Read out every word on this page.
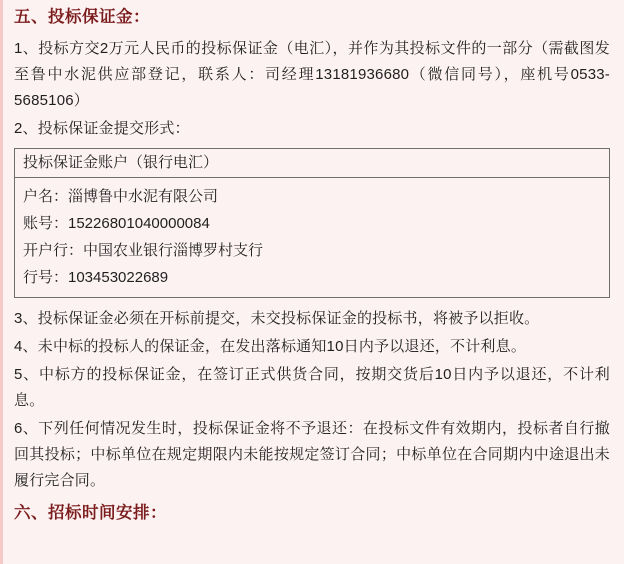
五、投标保证金：

1、投标方交2万元人民币的投标保证金（电汇），并作为其投标文件的一部分（需截图发至鲁中水泥供应部登记，联系人：司经理13181936680（微信同号），座机号0533-5685106）

2、投标保证金提交形式：

投标保证金账户（银行电汇）
户名：淄博鲁中水泥有限公司
账号：15226801040000084
开户行：中国农业银行淄博罗村支行
行号：103453022689

3、投标保证金必须在开标前提交，未交投标保证金的投标书，将被予以拒收。

4、未中标的投标人的保证金，在发出落标通知10日内予以退还，不计利息。

5、中标方的投标保证金，在签订正式供货合同，按期交货后10日内予以退还，不计利息。

6、下列任何情况发生时，投标保证金将不予退还：在投标文件有效期内，投标者自行撤回其投标；中标单位在规定期限内未能按规定签订合同；中标单位在合同期内中途退出未履行完合同。

六、招标时间安排：
